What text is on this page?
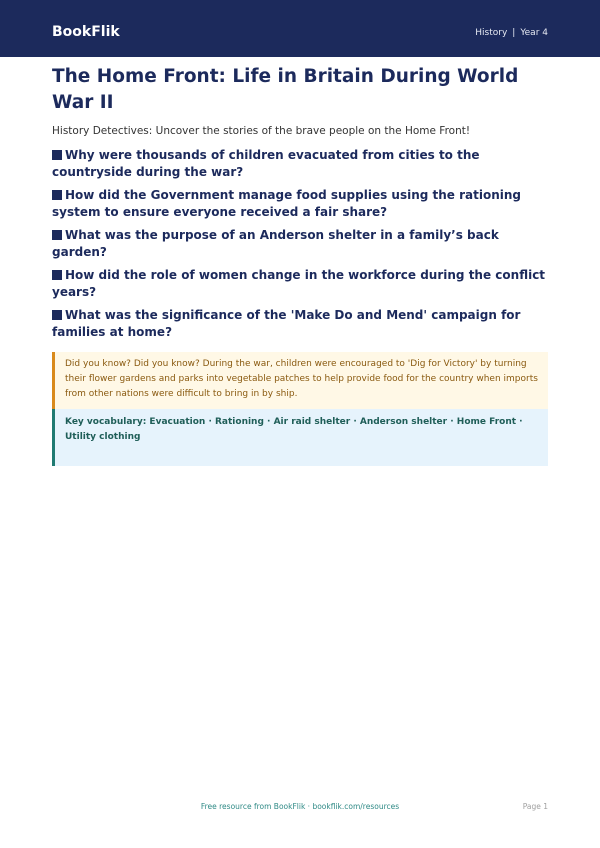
BookFlik	History | Year 4
The Home Front: Life in Britain During World War II

History Detectives: Uncover the stories of the brave people on the Home Front!

Why were thousands of children evacuated from cities to the countryside during the war?
How did the Government manage food supplies using the rationing system to ensure everyone received a fair share?
What was the purpose of an Anderson shelter in a family’s back garden?
How did the role of women change in the workforce during the conflict years?
What was the significance of the 'Make Do and Mend' campaign for families at home?
Did you know? Did you know? During the war, children were encouraged to 'Dig for Victory' by turning their flower gardens and parks into vegetable patches to help provide food for the country when imports from other nations were difficult to bring in by ship.
Key vocabulary: Evacuation · Rationing · Air raid shelter · Anderson shelter · Home Front · Utility clothing
Free resource from BookFlik · bookflik.com/resources	Page 1
